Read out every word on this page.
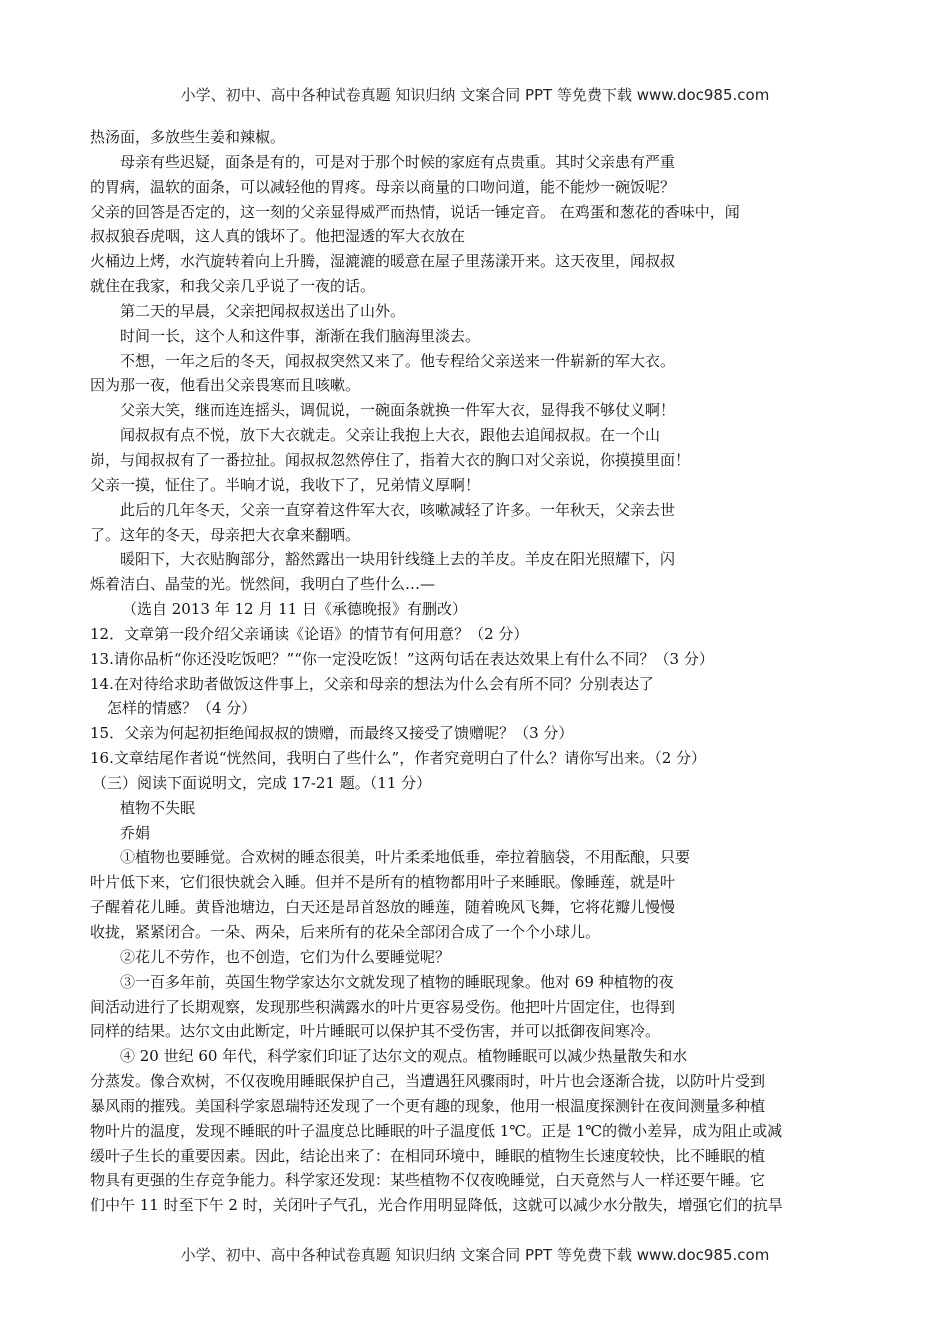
小学、初中、高中各种试卷真题 知识归纳 文案合同 PPT 等免费下载 www.doc985.com
热汤面，多放些生姜和辣椒。
母亲有些迟疑，面条是有的，可是对于那个时候的家庭有点贵重。其时父亲患有严重
的胃病，温软的面条，可以减轻他的胃疼。母亲以商量的口吻问道，能不能炒一碗饭呢？
父亲的回答是否定的，这一刻的父亲显得威严而热情，说话一锤定音。 在鸡蛋和葱花的香味中，闻
叔叔狼吞虎咽，这人真的饿坏了。他把湿透的军大衣放在
火桶边上烤，水汽旋转着向上升腾，湿漉漉的暖意在屋子里荡漾开来。这天夜里，闻叔叔
就住在我家，和我父亲几乎说了一夜的话。
第二天的早晨，父亲把闻叔叔送出了山外。
时间一长，这个人和这件事，渐渐在我们脑海里淡去。
不想，一年之后的冬天，闻叔叔突然又来了。他专程给父亲送来一件崭新的军大衣。
因为那一夜，他看出父亲畏寒而且咳嗽。
父亲大笑，继而连连摇头，调侃说，一碗面条就换一件军大衣，显得我不够仗义啊！
闻叔叔有点不悦，放下大衣就走。父亲让我抱上大衣，跟他去追闻叔叔。在一个山
峁，与闻叔叔有了一番拉扯。闻叔叔忽然停住了，指着大衣的胸口对父亲说，你摸摸里面！
父亲一摸，怔住了。半晌才说，我收下了，兄弟情义厚啊！
此后的几年冬天，父亲一直穿着这件军大衣，咳嗽减轻了许多。一年秋天，父亲去世
了。这年的冬天，母亲把大衣拿来翻晒。
暖阳下，大衣贴胸部分，豁然露出一块用针线缝上去的羊皮。羊皮在阳光照耀下，闪
烁着洁白、晶莹的光。恍然间，我明白了些什么…—
（选自 2013 年 12 月 11 日《承德晚报》有删改）
12．文章第一段介绍父亲诵读《论语》的情节有何用意？（2 分）
13.请你品析“你还没吃饭吧？”“你一定没吃饭！”这两句话在表达效果上有什么不同？（3 分）
14.在对待给求助者做饭这件事上，父亲和母亲的想法为什么会有所不同？分别表达了
怎样的情感？（4 分）
15．父亲为何起初拒绝闻叔叔的馈赠，而最终又接受了馈赠呢？（3 分）
16.文章结尾作者说“恍然间，我明白了些什么”，作者究竟明白了什么？请你写出来。（2 分）
（三）阅读下面说明文，完成 17-21 题。（11 分）
植物不失眠
乔娟
①植物也要睡觉。合欢树的睡态很美，叶片柔柔地低垂，牵拉着脑袋，不用酝酿，只要
叶片低下来，它们很快就会入睡。但并不是所有的植物都用叶子来睡眠。像睡莲，就是叶
子醒着花儿睡。黄昏池塘边，白天还是昂首怒放的睡莲，随着晚风飞舞，它将花瓣儿慢慢
收拢，紧紧闭合。一朵、两朵，后来所有的花朵全部闭合成了一个个小球儿。
②花儿不劳作，也不创造，它们为什么要睡觉呢？
③一百多年前，英国生物学家达尔文就发现了植物的睡眠现象。他对 69 种植物的夜
间活动进行了长期观察，发现那些积满露水的叶片更容易受伤。他把叶片固定住，也得到
同样的结果。达尔文由此断定，叶片睡眠可以保护其不受伤害，并可以抵御夜间寒冷。
④ 20 世纪 60 年代，科学家们印证了达尔文的观点。植物睡眠可以减少热量散失和水
分蒸发。像合欢树，不仅夜晚用睡眠保护自己，当遭遇狂风骤雨时，叶片也会逐渐合拢，以防叶片受到
暴风雨的摧残。美国科学家恩瑞特还发现了一个更有趣的现象，他用一根温度探测针在夜间测量多种植
物叶片的温度，发现不睡眠的叶子温度总比睡眠的叶子温度低 1℃。正是 1℃的微小差异，成为阻止或减
缓叶子生长的重要因素。因此，结论出来了：在相同环境中，睡眠的植物生长速度较快，比不睡眠的植
物具有更强的生存竞争能力。科学家还发现：某些植物不仅夜晚睡觉，白天竟然与人一样还要午睡。它
们中午 11 时至下午 2 时，关闭叶子气孔，光合作用明显降低，这就可以减少水分散失，增强它们的抗旱
小学、初中、高中各种试卷真题 知识归纳 文案合同 PPT 等免费下载 www.doc985.com
